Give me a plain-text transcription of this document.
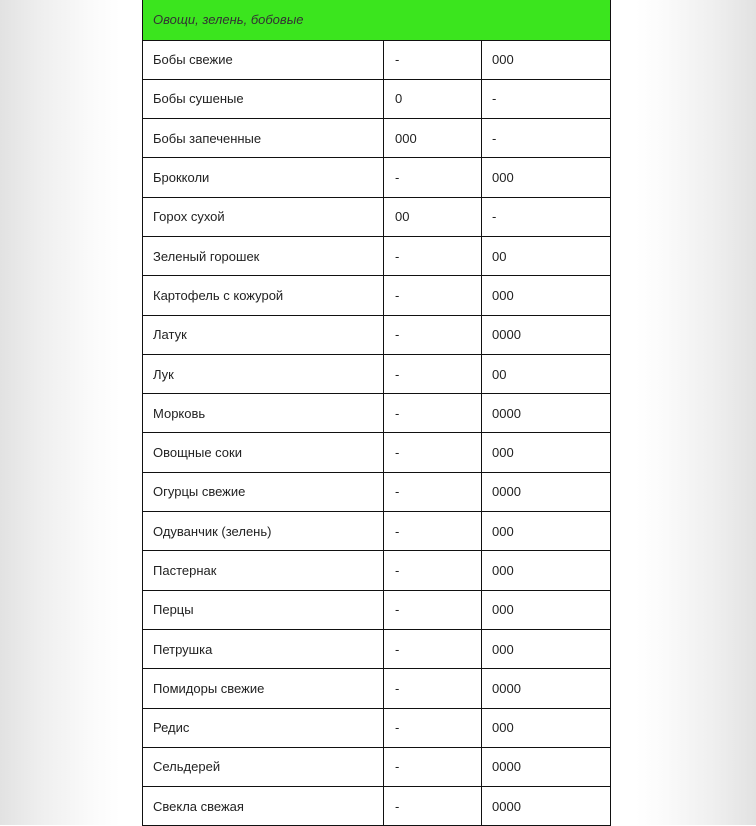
Овощи, зелень, бобовые		
Бобы свежие	-	000
Бобы сушеные	0	-
Бобы запеченные	000	-
Брокколи	-	000
Горох сухой	00	-
Зеленый горошек	-	00
Картофель с кожурой	-	000
Латук	-	0000
Лук	-	00
Морковь	-	0000
Овощные соки	-	000
Огурцы свежие	-	0000
Одуванчик (зелень)	-	000
Пастернак	-	000
Перцы	-	000
Петрушка	-	000
Помидоры свежие	-	0000
Редис	-	000
Сельдерей	-	0000
Свекла свежая	-	0000
